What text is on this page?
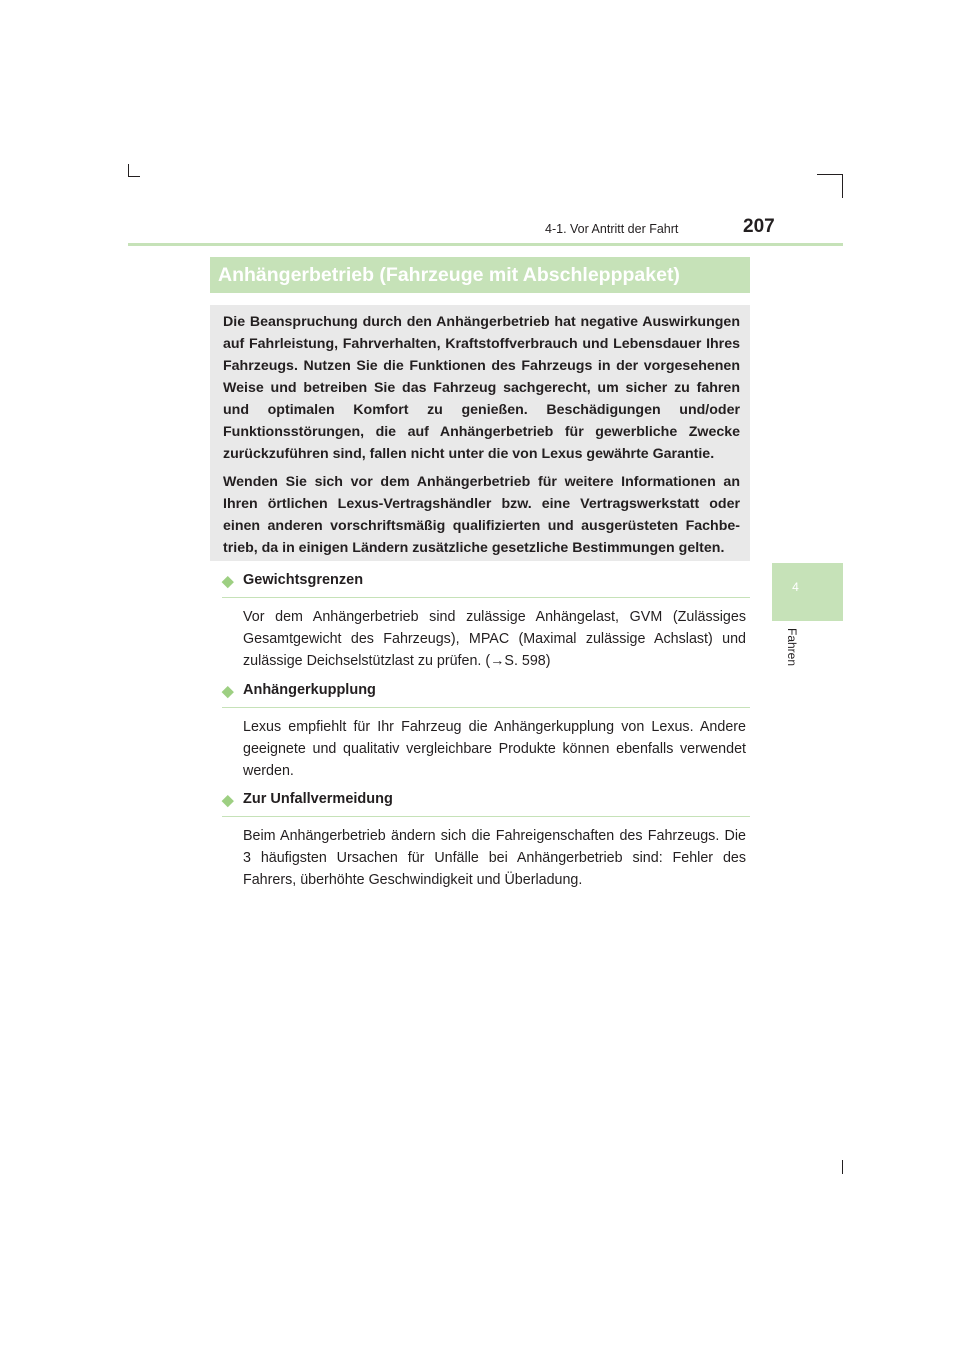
4-1. Vor Antritt der Fahrt	207
4
Fahren
Anhängerbetrieb (Fahrzeuge mit Abschlepppaket)

Die Beanspruchung durch den Anhängerbetrieb hat negative Auswirkungen auf Fahrleistung, Fahrverhalten, Kraftstoffverbrauch und Lebensdauer Ihres Fahrzeugs. Nutzen Sie die Funktionen des Fahrzeugs in der vorgesehenen Weise und betreiben Sie das Fahrzeug sachgerecht, um sicher zu fahren und optimalen Komfort zu genießen. Beschädigungen und/oder Funktionsstörungen, die auf Anhängerbetrieb für gewerbliche Zwecke zurückzuführen sind, fallen nicht unter die von Lexus gewährte Garantie.

Wenden Sie sich vor dem Anhängerbetrieb für weitere Informationen an Ihren örtlichen Lexus-Vertragshändler bzw. eine Vertragswerkstatt oder einen anderen vorschriftsmäßig qualifizierten und ausgerüsteten Fachbetrieb, da in einigen Ländern zusätzliche gesetzliche Bestimmungen gelten.

◆ Gewichtsgrenzen

Vor dem Anhängerbetrieb sind zulässige Anhängelast, GVM (Zulässiges Gesamtgewicht des Fahrzeugs), MPAC (Maximal zulässige Achslast) und zulässige Deichselstützlast zu prüfen. (→S. 598)

◆ Anhängerkupplung

Lexus empfiehlt für Ihr Fahrzeug die Anhängerkupplung von Lexus. Andere geeignete und qualitativ vergleichbare Produkte können ebenfalls verwendet werden.

◆ Zur Unfallvermeidung

Beim Anhängerbetrieb ändern sich die Fahreigenschaften des Fahrzeugs. Die 3 häufigsten Ursachen für Unfälle bei Anhängerbetrieb sind: Fehler des Fahrers, überhöhte Geschwindigkeit und Überladung.
